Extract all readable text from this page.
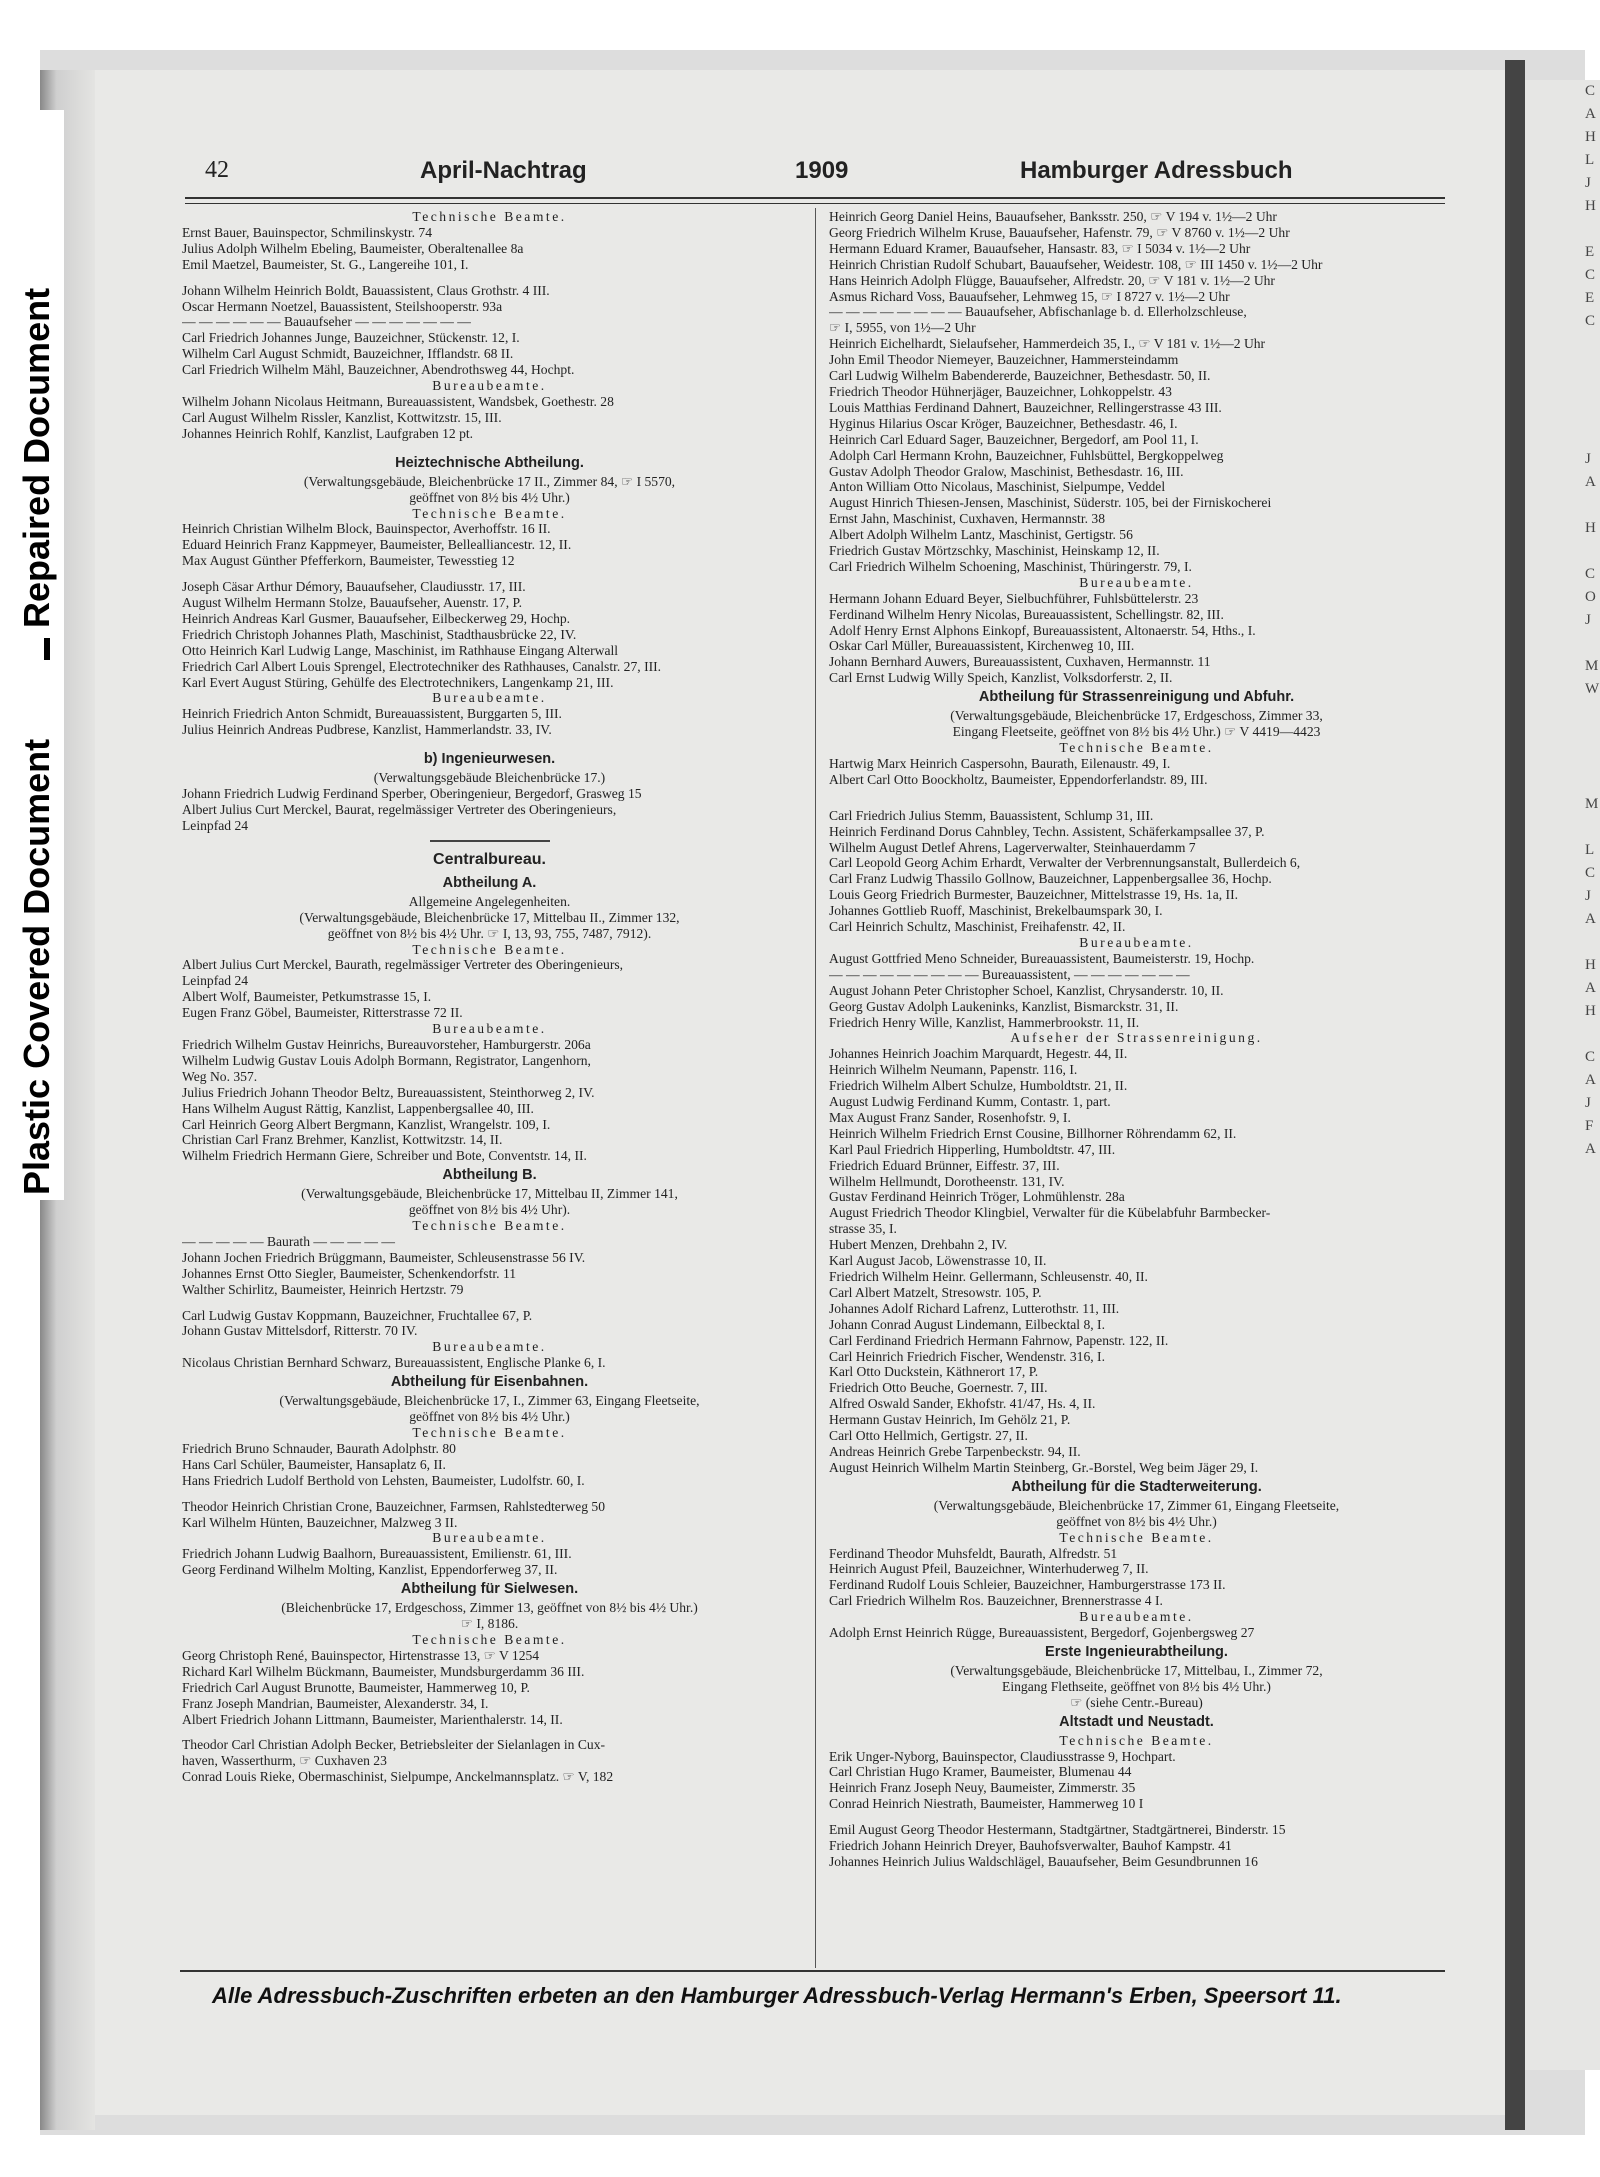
C
A
H
L
J
H

E
C
E
C

J
A

H

C
O
J

M
W

M

L
C
J
A

H
A
H

C
A
J
F
A

Repaired Document
Plastic Covered Document
42	April-Nachtrag	1909	Hamburger Adressbuch

Technische Beamte.

Ernst Bauer, Bauinspector, Schmilinskystr. 74

Julius Adolph Wilhelm Ebeling, Baumeister, Oberaltenallee 8a

Emil Maetzel, Baumeister, St. G., Langereihe 101, I.

Johann Wilhelm Heinrich Boldt, Bauassistent, Claus Grothstr. 4 III.

Oscar Hermann Noetzel, Bauassistent, Steilshooperstr. 93a

— — — — — — Bauaufseher — — — — — — —

Carl Friedrich Johannes Junge, Bauzeichner, Stückenstr. 12, I.

Wilhelm Carl August Schmidt, Bauzeichner, Ifflandstr. 68 II.

Carl Friedrich Wilhelm Mähl, Bauzeichner, Abendrothsweg 44, Hochpt.

Bureaubeamte.

Wilhelm Johann Nicolaus Heitmann, Bureauassistent, Wandsbek, Goethestr. 28

Carl August Wilhelm Rissler, Kanzlist, Kottwitzstr. 15, III.

Johannes Heinrich Rohlf, Kanzlist, Laufgraben 12 pt.

Heiztechnische Abtheilung.

(Verwaltungsgebäude, Bleichenbrücke 17 II., Zimmer 84, ☞ I 5570,

geöffnet von 8½ bis 4½ Uhr.)

Technische Beamte.

Heinrich Christian Wilhelm Block, Bauinspector, Averhoffstr. 16 II.

Eduard Heinrich Franz Kappmeyer, Baumeister, Bellealliancestr. 12, II.

Max August Günther Pfefferkorn, Baumeister, Tewesstieg 12

Joseph Cäsar Arthur Démory, Bauaufseher, Claudiusstr. 17, III.

August Wilhelm Hermann Stolze, Bauaufseher, Auenstr. 17, P.

Heinrich Andreas Karl Gusmer, Bauaufseher, Eilbeckerweg 29, Hochp.

Friedrich Christoph Johannes Plath, Maschinist, Stadthausbrücke 22, IV.

Otto Heinrich Karl Ludwig Lange, Maschinist, im Rathhause Eingang Alterwall

Friedrich Carl Albert Louis Sprengel, Electrotechniker des Rathhauses, Canalstr. 27, III.

Karl Evert August Stüring, Gehülfe des Electrotechnikers, Langenkamp 21, III.

Bureaubeamte.

Heinrich Friedrich Anton Schmidt, Bureauassistent, Burggarten 5, III.

Julius Heinrich Andreas Pudbrese, Kanzlist, Hammerlandstr. 33, IV.

b) Ingenieurwesen.

(Verwaltungsgebäude Bleichenbrücke 17.)

Johann Friedrich Ludwig Ferdinand Sperber, Oberingenieur, Bergedorf, Grasweg 15

Albert Julius Curt Merckel, Baurat, regelmässiger Vertreter des Oberingenieurs,

Leinpfad 24

Centralbureau.

Abtheilung A.

Allgemeine Angelegenheiten.

(Verwaltungsgebäude, Bleichenbrücke 17, Mittelbau II., Zimmer 132,

geöffnet von 8½ bis 4½ Uhr. ☞ I, 13, 93, 755, 7487, 7912).

Technische Beamte.

Albert Julius Curt Merckel, Baurath, regelmässiger Vertreter des Oberingenieurs,

Leinpfad 24

Albert Wolf, Baumeister, Petkumstrasse 15, I.

Eugen Franz Göbel, Baumeister, Ritterstrasse 72 II.

Bureaubeamte.

Friedrich Wilhelm Gustav Heinrichs, Bureauvorsteher, Hamburgerstr. 206a

Wilhelm Ludwig Gustav Louis Adolph Bormann, Registrator, Langenhorn,

Weg No. 357.

Julius Friedrich Johann Theodor Beltz, Bureauassistent, Steinthorweg 2, IV.

Hans Wilhelm August Rättig, Kanzlist, Lappenbergsallee 40, III.

Carl Heinrich Georg Albert Bergmann, Kanzlist, Wrangelstr. 109, I.

Christian Carl Franz Brehmer, Kanzlist, Kottwitzstr. 14, II.

Wilhelm Friedrich Hermann Giere, Schreiber und Bote, Conventstr. 14, II.

Abtheilung B.

(Verwaltungsgebäude, Bleichenbrücke 17, Mittelbau II, Zimmer 141,

geöffnet von 8½ bis 4½ Uhr).

Technische Beamte.

— — — — — Baurath — — — — —

Johann Jochen Friedrich Brüggmann, Baumeister, Schleusenstrasse 56 IV.

Johannes Ernst Otto Siegler, Baumeister, Schenkendorfstr. 11

Walther Schirlitz, Baumeister, Heinrich Hertzstr. 79

Carl Ludwig Gustav Koppmann, Bauzeichner, Fruchtallee 67, P.

Johann Gustav Mittelsdorf, Ritterstr. 70 IV.

Bureaubeamte.

Nicolaus Christian Bernhard Schwarz, Bureauassistent, Englische Planke 6, I.

Abtheilung für Eisenbahnen.

(Verwaltungsgebäude, Bleichenbrücke 17, I., Zimmer 63, Eingang Fleetseite,

geöffnet von 8½ bis 4½ Uhr.)

Technische Beamte.

Friedrich Bruno Schnauder, Baurath Adolphstr. 80

Hans Carl Schüler, Baumeister, Hansaplatz 6, II.

Hans Friedrich Ludolf Berthold von Lehsten, Baumeister, Ludolfstr. 60, I.

Theodor Heinrich Christian Crone, Bauzeichner, Farmsen, Rahlstedterweg 50

Karl Wilhelm Hünten, Bauzeichner, Malzweg 3 II.

Bureaubeamte.

Friedrich Johann Ludwig Baalhorn, Bureauassistent, Emilienstr. 61, III.

Georg Ferdinand Wilhelm Molting, Kanzlist, Eppendorferweg 37, II.

Abtheilung für Sielwesen.

(Bleichenbrücke 17, Erdgeschoss, Zimmer 13, geöffnet von 8½ bis 4½ Uhr.)

☞ I, 8186.

Technische Beamte.

Georg Christoph René, Bauinspector, Hirtenstrasse 13, ☞ V 1254

Richard Karl Wilhelm Bückmann, Baumeister, Mundsburgerdamm 36 III.

Friedrich Carl August Brunotte, Baumeister, Hammerweg 10, P.

Franz Joseph Mandrian, Baumeister, Alexanderstr. 34, I.

Albert Friedrich Johann Littmann, Baumeister, Marienthalerstr. 14, II.

Theodor Carl Christian Adolph Becker, Betriebsleiter der Sielanlagen in Cux-

haven, Wasserthurm, ☞ Cuxhaven 23

Conrad Louis Rieke, Obermaschinist, Sielpumpe, Anckelmannsplatz. ☞ V, 182

Heinrich Georg Daniel Heins, Bauaufseher, Banksstr. 250, ☞ V 194 v. 1½—2 Uhr

Georg Friedrich Wilhelm Kruse, Bauaufseher, Hafenstr. 79, ☞ V 8760 v. 1½—2 Uhr

Hermann Eduard Kramer, Bauaufseher, Hansastr. 83, ☞ I 5034 v. 1½—2 Uhr

Heinrich Christian Rudolf Schubart, Bauaufseher, Weidestr. 108, ☞ III 1450 v. 1½—2 Uhr

Hans Heinrich Adolph Flügge, Bauaufseher, Alfredstr. 20, ☞ V 181 v. 1½—2 Uhr

Asmus Richard Voss, Bauaufseher, Lehmweg 15, ☞ I 8727 v. 1½—2 Uhr

— — — — — — — — Bauaufseher, Abfischanlage b. d. Ellerholzschleuse,

☞ I, 5955, von 1½—2 Uhr

Heinrich Eichelhardt, Sielaufseher, Hammerdeich 35, I., ☞ V 181 v. 1½—2 Uhr

John Emil Theodor Niemeyer, Bauzeichner, Hammersteindamm

Carl Ludwig Wilhelm Babendererde, Bauzeichner, Bethesdastr. 50, II.

Friedrich Theodor Hühnerjäger, Bauzeichner, Lohkoppelstr. 43

Louis Matthias Ferdinand Dahnert, Bauzeichner, Rellingerstrasse 43 III.

Hyginus Hilarius Oscar Kröger, Bauzeichner, Bethesdastr. 46, I.

Heinrich Carl Eduard Sager, Bauzeichner, Bergedorf, am Pool 11, I.

Adolph Carl Hermann Krohn, Bauzeichner, Fuhlsbüttel, Bergkoppelweg

Gustav Adolph Theodor Gralow, Maschinist, Bethesdastr. 16, III.

Anton William Otto Nicolaus, Maschinist, Sielpumpe, Veddel

August Hinrich Thiesen-Jensen, Maschinist, Süderstr. 105, bei der Firniskocherei

Ernst Jahn, Maschinist, Cuxhaven, Hermannstr. 38

Albert Adolph Wilhelm Lantz, Maschinist, Gertigstr. 56

Friedrich Gustav Mörtzschky, Maschinist, Heinskamp 12, II.

Carl Friedrich Wilhelm Schoening, Maschinist, Thüringerstr. 79, I.

Bureaubeamte.

Hermann Johann Eduard Beyer, Sielbuchführer, Fuhlsbüttelerstr. 23

Ferdinand Wilhelm Henry Nicolas, Bureauassistent, Schellingstr. 82, III.

Adolf Henry Ernst Alphons Einkopf, Bureauassistent, Altonaerstr. 54, Hths., I.

Oskar Carl Müller, Bureauassistent, Kirchenweg 10, III.

Johann Bernhard Auwers, Bureauassistent, Cuxhaven, Hermannstr. 11

Carl Ernst Ludwig Willy Speich, Kanzlist, Volksdorferstr. 2, II.

Abtheilung für Strassenreinigung und Abfuhr.

(Verwaltungsgebäude, Bleichenbrücke 17, Erdgeschoss, Zimmer 33,

Eingang Fleetseite, geöffnet von 8½ bis 4½ Uhr.) ☞ V 4419—4423

Technische Beamte.

Hartwig Marx Heinrich Caspersohn, Baurath, Eilenaustr. 49, I.

Albert Carl Otto Boockholtz, Baumeister, Eppendorferlandstr. 89, III.

Carl Friedrich Julius Stemm, Bauassistent, Schlump 31, III.

Heinrich Ferdinand Dorus Cahnbley, Techn. Assistent, Schäferkampsallee 37, P.

Wilhelm August Detlef Ahrens, Lagerverwalter, Steinhauerdamm 7

Carl Leopold Georg Achim Erhardt, Verwalter der Verbrennungsanstalt, Bullerdeich 6,

Carl Franz Ludwig Thassilo Gollnow, Bauzeichner, Lappenbergsallee 36, Hochp.

Louis Georg Friedrich Burmester, Bauzeichner, Mittelstrasse 19, Hs. 1a, II.

Johannes Gottlieb Ruoff, Maschinist, Brekelbaumspark 30, I.

Carl Heinrich Schultz, Maschinist, Freihafenstr. 42, II.

Bureaubeamte.

August Gottfried Meno Schneider, Bureauassistent, Baumeisterstr. 19, Hochp.

— — — — — — — — — Bureauassistent, — — — — — — —

August Johann Peter Christopher Schoel, Kanzlist, Chrysanderstr. 10, II.

Georg Gustav Adolph Laukeninks, Kanzlist, Bismarckstr. 31, II.

Friedrich Henry Wille, Kanzlist, Hammerbrookstr. 11, II.

Aufseher der Strassenreinigung.

Johannes Heinrich Joachim Marquardt, Hegestr. 44, II.

Heinrich Wilhelm Neumann, Papenstr. 116, I.

Friedrich Wilhelm Albert Schulze, Humboldtstr. 21, II.

August Ludwig Ferdinand Kumm, Contastr. 1, part.

Max August Franz Sander, Rosenhofstr. 9, I.

Heinrich Wilhelm Friedrich Ernst Cousine, Billhorner Röhrendamm 62, II.

Karl Paul Friedrich Hipperling, Humboldtstr. 47, III.

Friedrich Eduard Brünner, Eiffestr. 37, III.

Wilhelm Hellmundt, Dorotheenstr. 131, IV.

Gustav Ferdinand Heinrich Tröger, Lohmühlenstr. 28a

August Friedrich Theodor Klingbiel, Verwalter für die Kübelabfuhr Barmbecker-

strasse 35, I.

Hubert Menzen, Drehbahn 2, IV.

Karl August Jacob, Löwenstrasse 10, II.

Friedrich Wilhelm Heinr. Gellermann, Schleusenstr. 40, II.

Carl Albert Matzelt, Stresowstr. 105, P.

Johannes Adolf Richard Lafrenz, Lutterothstr. 11, III.

Johann Conrad August Lindemann, Eilbecktal 8, I.

Carl Ferdinand Friedrich Hermann Fahrnow, Papenstr. 122, II.

Carl Heinrich Friedrich Fischer, Wendenstr. 316, I.

Karl Otto Duckstein, Käthnerort 17, P.

Friedrich Otto Beuche, Goernestr. 7, III.

Alfred Oswald Sander, Ekhofstr. 41/47, Hs. 4, II.

Hermann Gustav Heinrich, Im Gehölz 21, P.

Carl Otto Hellmich, Gertigstr. 27, II.

Andreas Heinrich Grebe Tarpenbeckstr. 94, II.

August Heinrich Wilhelm Martin Steinberg, Gr.-Borstel, Weg beim Jäger 29, I.

Abtheilung für die Stadterweiterung.

(Verwaltungsgebäude, Bleichenbrücke 17, Zimmer 61, Eingang Fleetseite,

geöffnet von 8½ bis 4½ Uhr.)

Technische Beamte.

Ferdinand Theodor Muhsfeldt, Baurath, Alfredstr. 51

Heinrich August Pfeil, Bauzeichner, Winterhuderweg 7, II.

Ferdinand Rudolf Louis Schleier, Bauzeichner, Hamburgerstrasse 173 II.

Carl Friedrich Wilhelm Ros. Bauzeichner, Brennerstrasse 4 I.

Bureaubeamte.

Adolph Ernst Heinrich Rügge, Bureauassistent, Bergedorf, Gojenbergsweg 27

Erste Ingenieurabtheilung.

(Verwaltungsgebäude, Bleichenbrücke 17, Mittelbau, I., Zimmer 72,

Eingang Flethseite, geöffnet von 8½ bis 4½ Uhr.)

☞ (siehe Centr.-Bureau)

Altstadt und Neustadt.

Technische Beamte.

Erik Unger-Nyborg, Bauinspector, Claudiusstrasse 9, Hochpart.

Carl Christian Hugo Kramer, Baumeister, Blumenau 44

Heinrich Franz Joseph Neuy, Baumeister, Zimmerstr. 35

Conrad Heinrich Niestrath, Baumeister, Hammerweg 10 I

Emil August Georg Theodor Hestermann, Stadtgärtner, Stadtgärtnerei, Binderstr. 15

Friedrich Johann Heinrich Dreyer, Bauhofsverwalter, Bauhof Kampstr. 41

Johannes Heinrich Julius Waldschlägel, Bauaufseher, Beim Gesundbrunnen 16

Alle Adressbuch-Zuschriften erbeten an den Hamburger Adressbuch-Verlag Hermann's Erben, Speersort 11.
